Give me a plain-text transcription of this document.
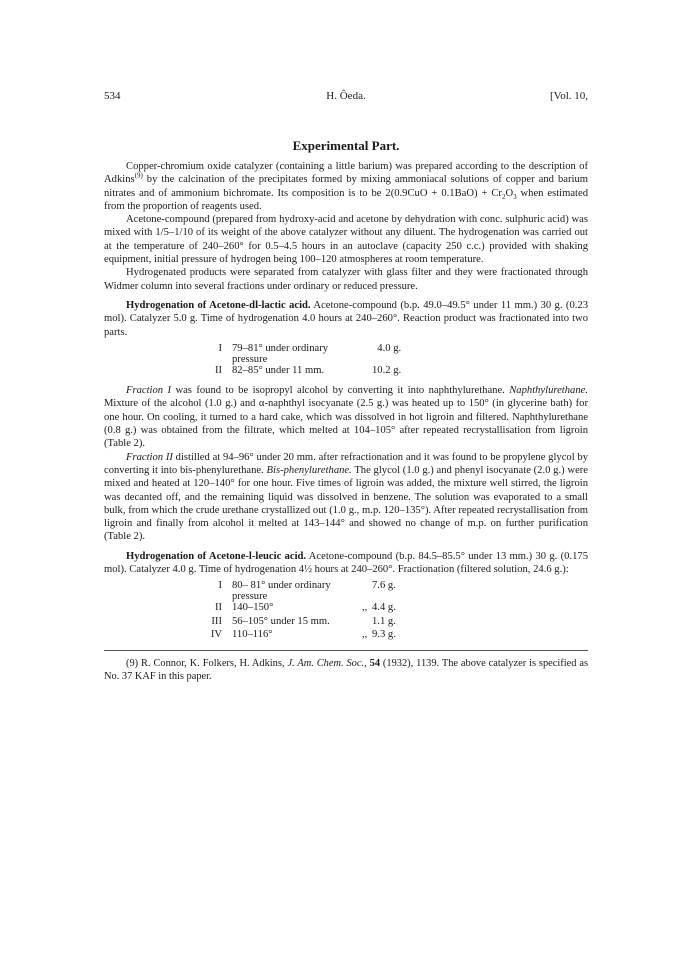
534	H. Ôeda.	[Vol. 10,
Experimental Part.

Copper-chromium oxide catalyzer (containing a little barium) was prepared according to the description of Adkins$^{(9)}$ by the calcination of the precipitates formed by mixing ammoniacal solutions of copper and barium nitrates and of ammonium bichromate. Its composition is to be $2(0.9CuO + 0.1BaO) + Cr_2O_3$ when estimated from the proportion of reagents used.

Acetone-compound (prepared from hydroxy-acid and acetone by dehydration with conc. sulphuric acid) was mixed with 1/5–1/10 of its weight of the above catalyzer without any diluent. The hydrogenation was carried out at the temperature of 240–260° for 0.5–4.5 hours in an autoclave (capacity 250 c.c.) provided with shaking equipment, initial pressure of hydrogen being 100–120 atmospheres at room temperature.

Hydrogenated products were separated from catalyzer with glass filter and they were fractionated through Widmer column into several fractions under ordinary or reduced pressure.

Hydrogenation of Acetone-dl-lactic acid. Acetone-compound (b.p. 49.0–49.5° under 11 mm.) 30 g. (0.23 mol). Catalyzer 5.0 g. Time of hydrogenation 4.0 hours at 240–260°. Reaction product was fractionated into two parts.

I	79–81° under ordinary pressure		4.0 g.
II	82–85° under 11 mm.		10.2 g.

Fraction I was found to be isopropyl alcohol by converting it into naphthylurethane. Naphthylurethane. Mixture of the alcohol (1.0 g.) and α-naphthyl isocyanate (2.5 g.) was heated up to 150° (in glycerine bath) for one hour. On cooling, it turned to a hard cake, which was dissolved in hot ligroin and filtered. Naphthylurethane (0.8 g.) was obtained from the filtrate, which melted at 104–105° after repeated recrystallisation from ligroin (Table 2).

Fraction II distilled at 94–96° under 20 mm. after refractionation and it was found to be propylene glycol by converting it into bis-phenylurethane. Bis-phenylurethane. The glycol (1.0 g.) and phenyl isocyanate (2.0 g.) were mixed and heated at 120–140° for one hour. Five times of ligroin was added, the mixture well stirred, the ligroin was decanted off, and the remaining liquid was dissolved in benzene. The solution was evaporated to a small bulk, from which the crude urethane crystallized out (1.0 g., m.p. 120–135°). After repeated recrystallisation from ligroin and finally from alcohol it melted at 143–144° and showed no change of m.p. on further purification (Table 2).

Hydrogenation of Acetone-l-leucic acid. Acetone-compound (b.p. 84.5–85.5° under 13 mm.) 30 g. (0.175 mol). Catalyzer 4.0 g. Time of hydrogenation 4½ hours at 240–260°. Fractionation (filtered solution, 24.6 g.):

I	80– 81° under ordinary pressure		7.6 g.
II	140–150°	,,	4.4 g.
III	56–105° under 15 mm.		1.1 g.
IV	110–116°	,,	9.3 g.

(9) R. Connor, K. Folkers, H. Adkins, J. Am. Chem. Soc., 54 (1932), 1139. The above catalyzer is specified as No. 37 KAF in this paper.
